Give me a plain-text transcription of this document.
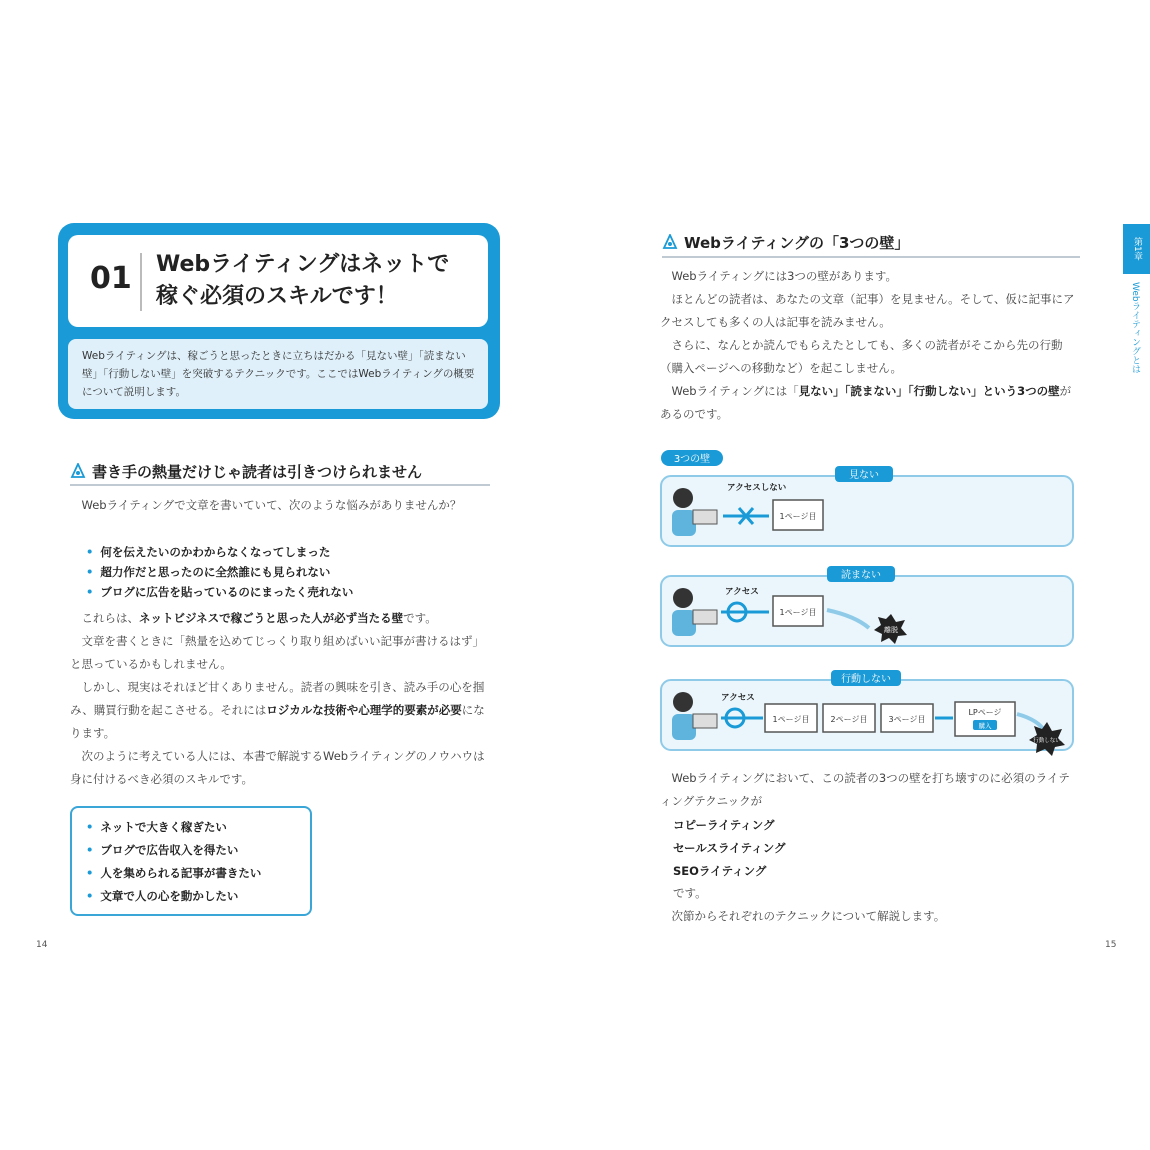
01 Webライティングはネットで
稼ぐ必須のスキルです！
Webライティングは、稼ごうと思ったときに立ちはだかる「見ない壁」「読まない壁」「行動しない壁」を突破するテクニックです。ここではWebライティングの概要について説明します。
書き手の熱量だけじゃ読者は引きつけられません
Webライティングで文章を書いていて、次のような悩みがありませんか？
• 何を伝えたいのかわからなくなってしまった
• 超力作だと思ったのに全然誰にも見られない
• ブログに広告を貼っているのにまったく売れない
これらは、ネットビジネスで稼ごうと思った人が必ず当たる壁です。
文章を書くときに「熱量を込めてじっくり取り組めばいい記事が書けるはず」と思っているかもしれません。
しかし、現実はそれほど甘くありません。読者の興味を引き、読み手の心を掴み、購買行動を起こさせる。それにはロジカルな技術や心理学的要素が必要になります。
次のように考えている人には、本書で解説するWebライティングのノウハウは身に付けるべき必須のスキルです。
• ネットで大きく稼ぎたい
• ブログで広告収入を得たい
• 人を集められる記事が書きたい
• 文章で人の心を動かしたい
14
第1章
Webライティングとは
Webライティングの「3つの壁」
Webライティングには3つの壁があります。
ほとんどの読者は、あなたの文章（記事）を見ません。そして、仮に記事にアクセスしても多くの人は記事を読みません。
さらに、なんとか読んでもらえたとしても、多くの読者がそこから先の行動（購入ページへの移動など）を起こしません。
Webライティングには「見ない」「読まない」「行動しない」という3つの壁があるのです。
3つの壁
見ない
アクセスしない
1ページ目
読まない
アクセス
1ページ目
離脱
行動しない
アクセス
1ページ目	2ページ目	3ページ目
LPページ
購入
行動しない
Webライティングにおいて、この読者の3つの壁を打ち壊すのに必須のライティングテクニックが
コピーライティング
セールスライティング
SEOライティング
です。
次節からそれぞれのテクニックについて解説します。
15
